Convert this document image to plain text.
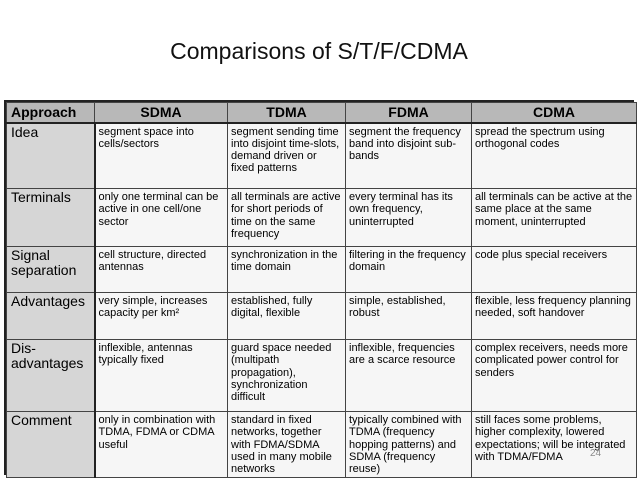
Comparisons of S/T/F/CDMA
Approach	SDMA	TDMA	FDMA	CDMA
Idea	segment space into cells/sectors	segment sending time into disjoint time-slots, demand driven or fixed patterns	segment the frequency band into disjoint sub-bands	spread the spectrum using orthogonal codes
Terminals	only one terminal can be active in one cell/one sector	all terminals are active for short periods of time on the same frequency	every terminal has its own frequency, uninterrupted	all terminals can be active at the same place at the same moment, uninterrupted
Signal separation	cell structure, directed antennas	synchronization in the time domain	filtering in the frequency domain	code plus special receivers
Advantages	very simple, increases capacity per km²	established, fully digital, flexible	simple, established, robust	flexible, less frequency planning needed, soft handover
Dis-advantages	inflexible, antennas typically fixed	guard space needed (multipath propagation), synchronization difficult	inflexible, frequencies are a scarce resource	complex receivers, needs more complicated power control for senders
Comment	only in combination with TDMA, FDMA or CDMA useful	standard in fixed networks, together with FDMA/SDMA used in many mobile networks	typically combined with TDMA (frequency hopping patterns) and SDMA (frequency reuse)	still faces some problems, higher complexity, lowered expectations; will be integrated with TDMA/FDMA	24
